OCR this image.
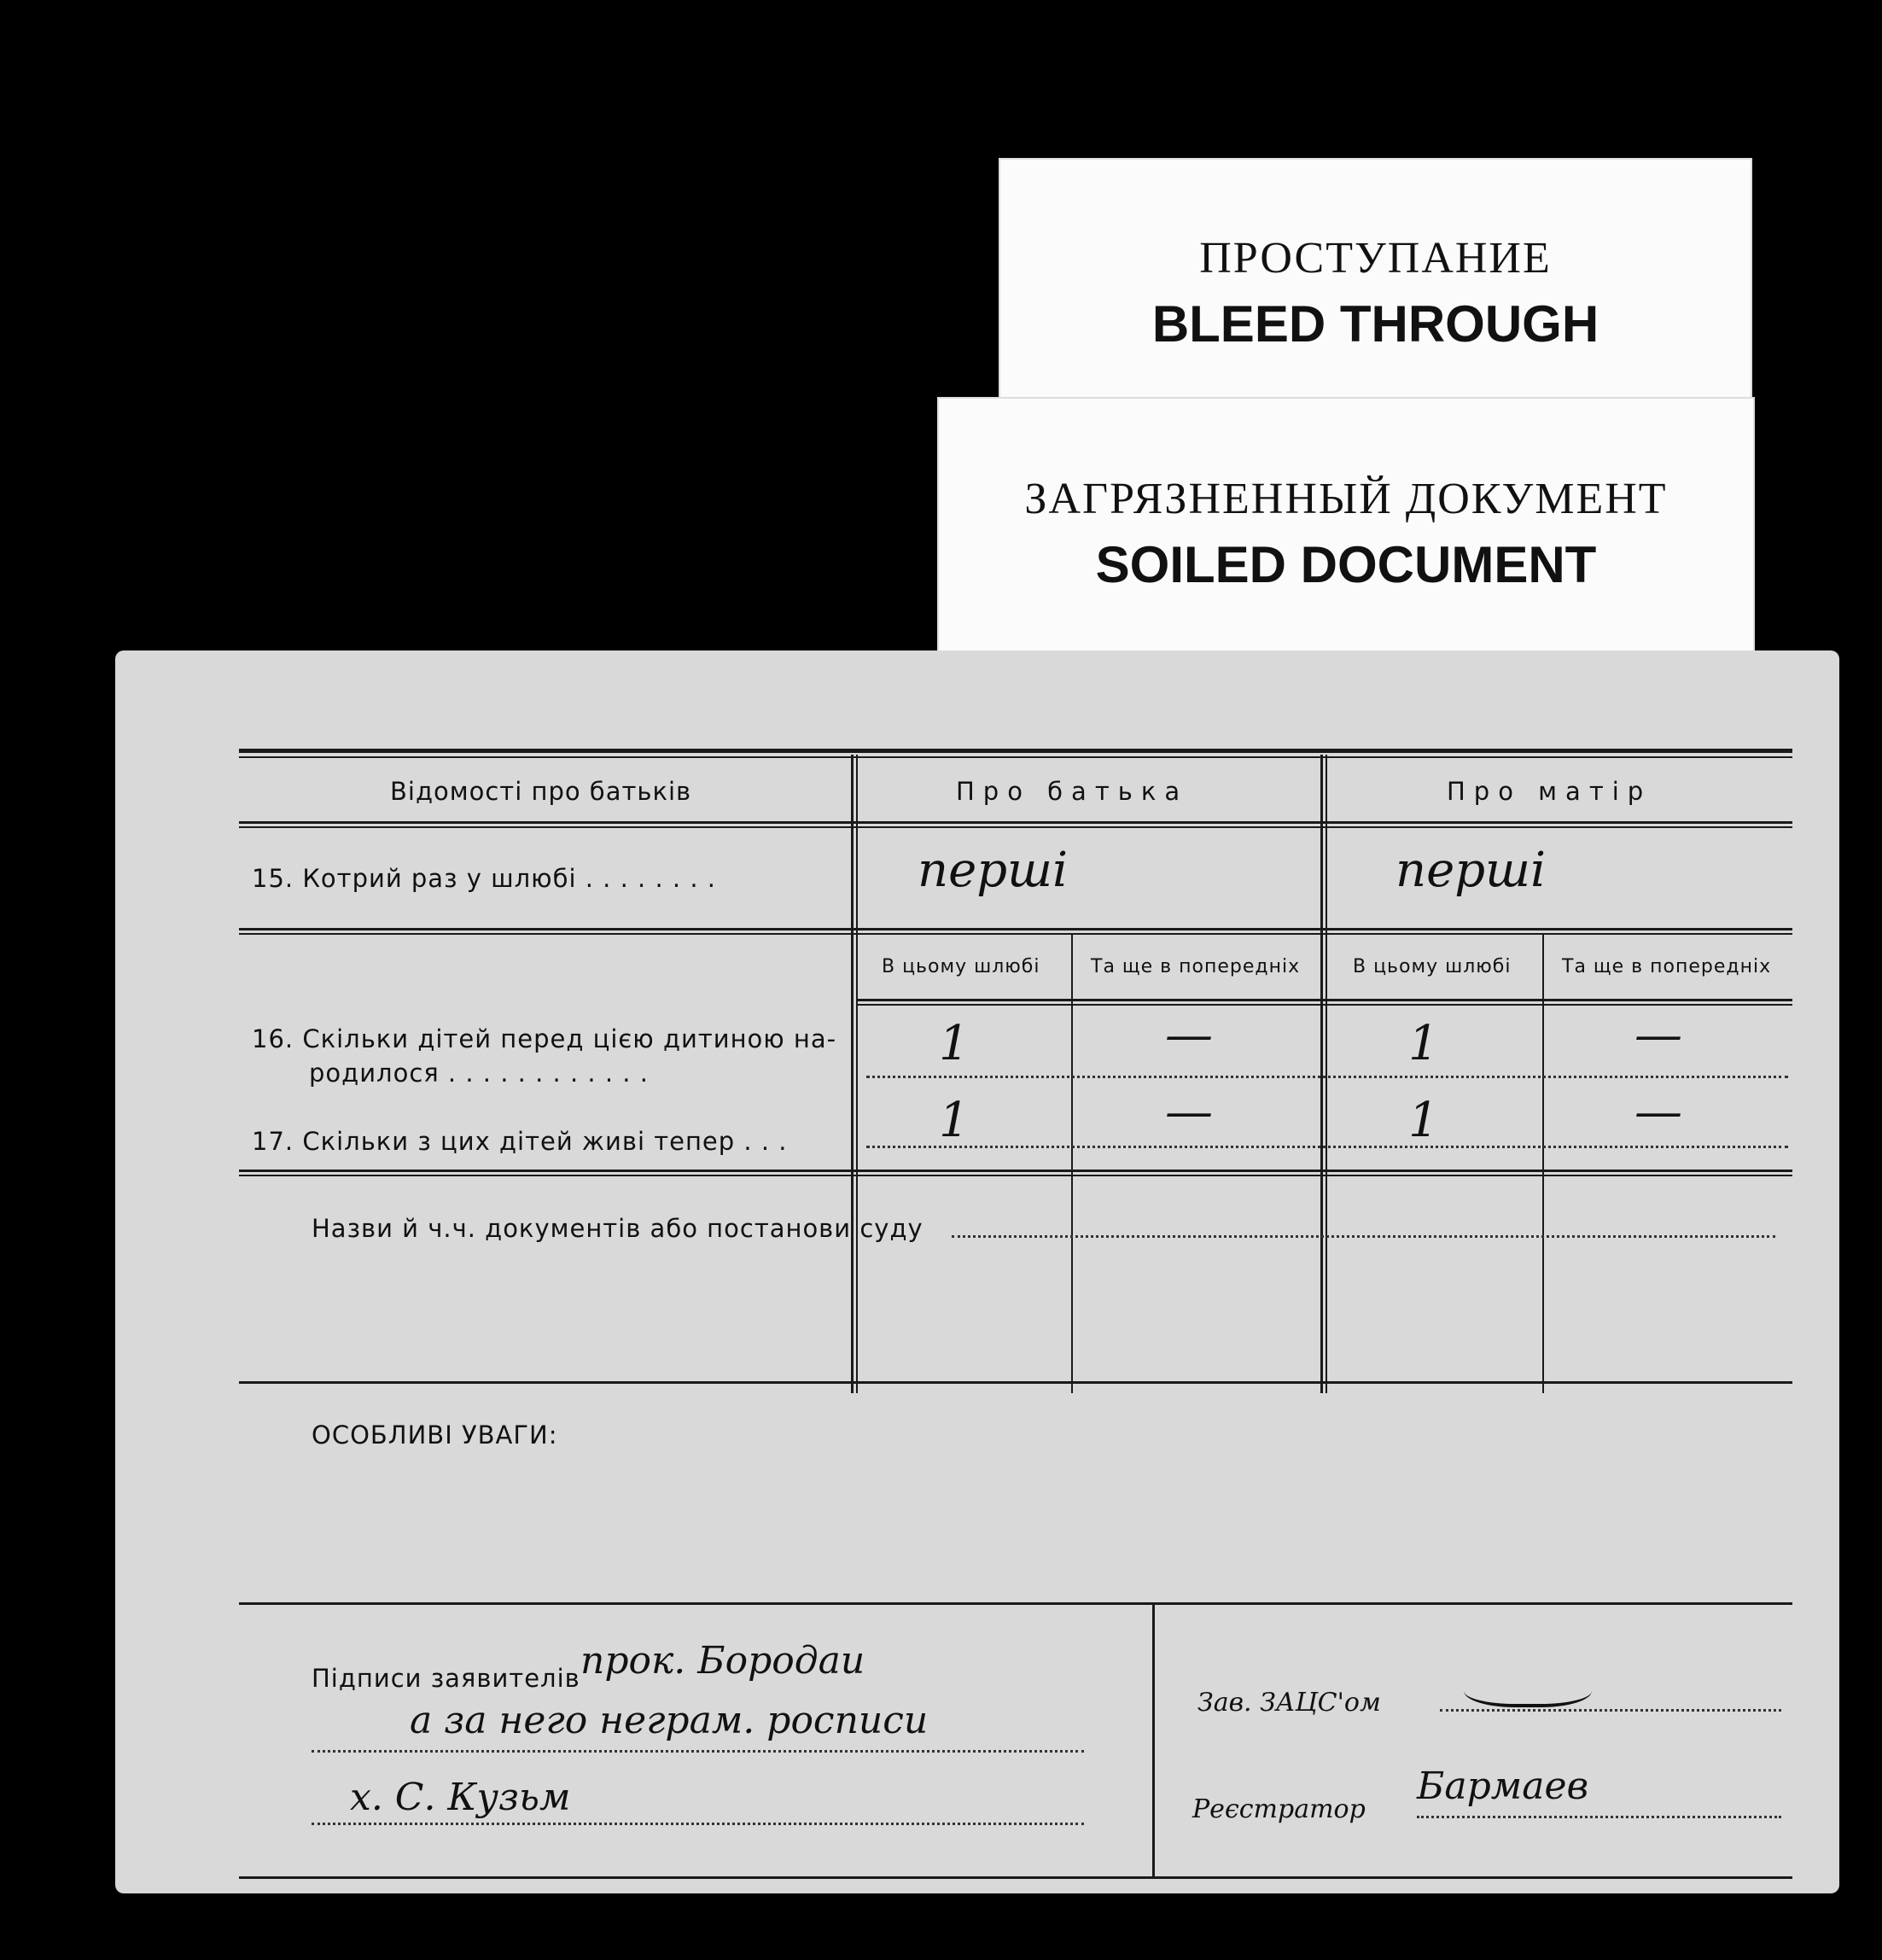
ПРОСТУПАНИЕ
BLEED THROUGH
ЗАГРЯЗНЕННЫЙ ДОКУМЕНТ
SOILED DOCUMENT
Відомості про батьків	Про батька	Про матір
15. Котрий раз у шлюбі . . . . . . . .	перші	перші
В цьому шлюбі	Та ще в попередніх	В цьому шлюбі	Та ще в попередніх
16. Скільки дітей перед цією дитиною на-
родилося . . . . . . . . . . . .
1	—	1	—
17. Скільки з цих дітей живі тепер . . .	1	—	1	—
Назви й ч.ч. документів або постанови суду
ОСОБЛИВІ УВАГИ:
Підписи заявителів прок. Бородаи
а за него неграм. росписи
х. С. Кузьм
Зав. ЗАЦС'ом
Реєстратор
Бармаев
